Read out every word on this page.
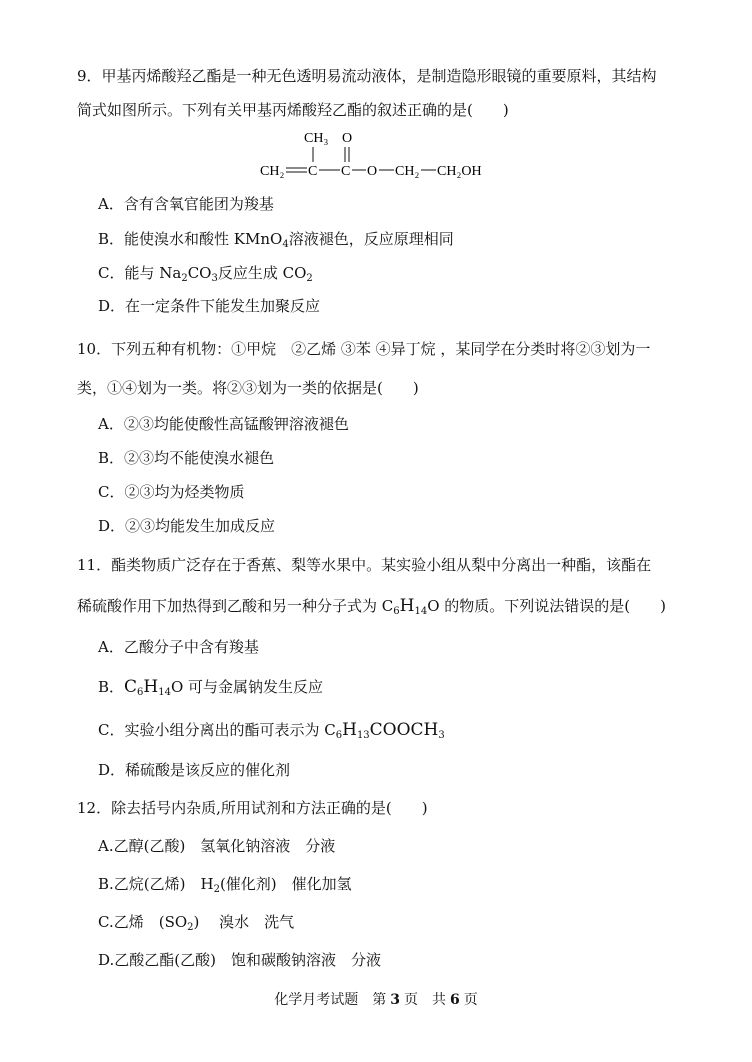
9．甲基丙烯酸羟乙酯是一种无色透明易流动液体，是制造隐形眼镜的重要原料，其结构
简式如图所示。下列有关甲基丙烯酸羟乙酯的叙述正确的是(　　)
CH₃ O
CH₂ C C O CH₂ CH₂OH
A．含有含氧官能团为羧基
B．能使溴水和酸性 KMnO$_4$溶液褪色，反应原理相同
C．能与 $Na_2CO_3$反应生成 $CO_2$
D．在一定条件下能发生加聚反应
10．下列五种有机物：①甲烷　②乙烯 ③苯 ④异丁烷 ，某同学在分类时将②③划为一
类，①④划为一类。将②③划为一类的依据是(　　)
A．②③均能使酸性高锰酸钾溶液褪色
B．②③均不能使溴水褪色
C．②③均为烃类物质
D．②③均能发生加成反应
11．酯类物质广泛存在于香蕉、梨等水果中。某实验小组从梨中分离出一种酯，该酯在
稀硫酸作用下加热得到乙酸和另一种分子式为 $C_6H_{14}O$ 的物质。下列说法错误的是(　　)
A．乙酸分子中含有羧基
B．$C_6H_{14}O$ 可与金属钠发生反应
C．实验小组分离出的酯可表示为 $C_6H_{13}COOCH_3$
D．稀硫酸是该反应的催化剂
12．除去括号内杂质,所用试剂和方法正确的是(　　)
A.乙醇(乙酸)　氢氧化钠溶液　分液
B.乙烷(乙烯)　$H_2$(催化剂)　催化加氢
C.乙烯　$(SO_2)$　 溴水　洗气
D.乙酸乙酯(乙酸)　饱和碳酸钠溶液　分液
化学月考试题　第 3 页　共 6 页
